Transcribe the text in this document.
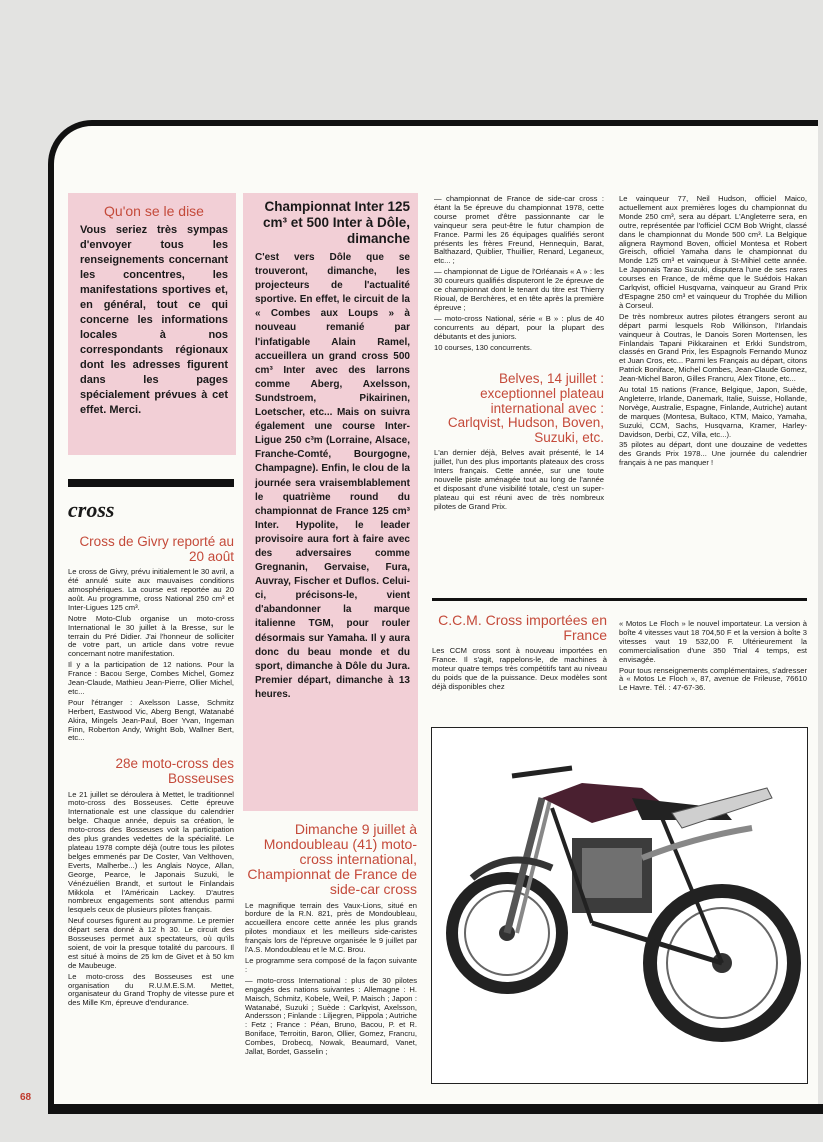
68

Qu'on se le dise

Vous seriez très sympas d'envoyer tous les renseignements concernant les concentres, les manifestations sportives et, en général, tout ce qui concerne les informations locales à nos correspondants régionaux dont les adresses figurent dans les pages spécialement prévues à cet effet. Merci.

cross
Cross de Givry reporté au 20 août

Le cross de Givry, prévu initialement le 30 avril, a été annulé suite aux mauvaises conditions atmosphériques. La course est reportée au 20 août. Au programme, cross National 250 cm³ et Inter-Ligues 125 cm³.

Notre Moto-Club organise un moto-cross International le 30 juillet à la Bresse, sur le terrain du Pré Didier. J'ai l'honneur de solliciter de votre part, un article dans votre revue concernant notre manifestation.

Il y a la participation de 12 nations. Pour la France : Bacou Serge, Combes Michel, Gomez Jean-Claude, Mathieu Jean-Pierre, Ollier Michel, etc...

Pour l'étranger : Axelsson Lasse, Schmitz Herbert, Eastwood Vic, Aberg Bengt, Watanabé Akira, Mingels Jean-Paul, Boer Yvan, Ingeman Finn, Roberton Andy, Wright Bob, Wallner Bert, etc...

28e moto-cross des Bosseuses

Le 21 juillet se déroulera à Mettet, le traditionnel moto-cross des Bosseuses. Cette épreuve Internationale est une classique du calendrier belge. Chaque année, depuis sa création, le moto-cross des Bosseuses voit la participation des plus grandes vedettes de la spécialité. Le plateau 1978 compte déjà (outre tous les pilotes belges emmenés par De Coster, Van Velthoven, Everts, Malherbe...) les Anglais Noyce, Allan, George, Pearce, le Japonais Suzuki, le Vénézuélien Brandt, et surtout le Finlandais Mikkola et l'Américain Lackey. D'autres nombreux engagements sont attendus parmi lesquels ceux de plusieurs pilotes français.

Neuf courses figurent au programme. Le premier départ sera donné à 12 h 30. Le circuit des Bosseuses permet aux spectateurs, où qu'ils soient, de voir la presque totalité du parcours. Il est situé à moins de 25 km de Givet et à 50 km de Maubeuge.

Le moto-cross des Bosseuses est une organisation du R.U.M.E.S.M. Mettet, organisateur du Grand Trophy de vitesse pure et des Mille Km, épreuve d'endurance.

Championnat Inter 125 cm³ et 500 Inter à Dôle, dimanche

C'est vers Dôle que se trouveront, dimanche, les projecteurs de l'actualité sportive. En effet, le circuit de la « Combes aux Loups » à nouveau remanié par l'infatigable Alain Ramel, accueillera un grand cross 500 cm³ Inter avec des larrons comme Aberg, Axelsson, Sundstroem, Pikairinen, Loetscher, etc... Mais on suivra également une course Inter-Ligue 250 c³m (Lorraine, Alsace, Franche-Comté, Bourgogne, Champagne). Enfin, le clou de la journée sera vraisemblablement le quatrième round du championnat de France 125 cm³ Inter. Hypolite, le leader provisoire aura fort à faire avec des adversaires comme Gregnanin, Gervaise, Fura, Auvray, Fischer et Duflos. Celui-ci, précisons-le, vient d'abandonner la marque italienne TGM, pour rouler désormais sur Yamaha. Il y aura donc du beau monde et du sport, dimanche à Dôle du Jura. Premier départ, dimanche à 13 heures.

Dimanche 9 juillet à Mondoubleau (41) moto-cross international, Championnat de France de side-car cross

Le magnifique terrain des Vaux-Lions, situé en bordure de la R.N. 821, près de Mondoubleau, accueillera encore cette année les plus grands pilotes mondiaux et les meilleurs side-caristes français lors de l'épreuve organisée le 9 juillet par l'A.S. Mondoubleau et le M.C. Brou.

Le programme sera composé de la façon suivante :

— moto-cross International : plus de 30 pilotes engagés des nations suivantes : Allemagne : H. Maisch, Schmitz, Kobele, Weil, P. Maisch ; Japon : Watanabé, Suzuki ; Suède : Carlqvist, Axelsson, Andersson ; Finlande : Liljegren, Piippola ; Autriche : Fetz ; France : Péan, Bruno, Bacou, P. et R. Boniface, Terroitin, Baron, Ollier, Gomez, Francru, Combes, Drobecq, Nowak, Beaumard, Vanet, Jallat, Bordet, Gasselin ;

— championnat de France de side-car cross : étant la 5e épreuve du championnat 1978, cette course promet d'être passionnante car le vainqueur sera peut-être le futur champion de France. Parmi les 26 équipages qualifiés seront présents les frères Freund, Hennequin, Barat, Balthazard, Quiblier, Thuillier, Renard, Leganeux, etc... ;

— championnat de Ligue de l'Orléanais « A » : les 30 coureurs qualifiés disputeront le 2e épreuve de ce championnat dont le tenant du titre est Thierry Rioual, de Berchères, et en tête après la première épreuve ;

— moto-cross National, série « B » : plus de 40 concurrents au départ, pour la plupart des débutants et des juniors.

10 courses, 130 concurrents.

Belves, 14 juillet : exceptionnel plateau international avec : Carlqvist, Hudson, Boven, Suzuki, etc.

L'an dernier déjà, Belves avait présenté, le 14 juillet, l'un des plus importants plateaux des cross Inters français. Cette année, sur une toute nouvelle piste aménagée tout au long de l'année et disposant d'une visibilité totale, c'est un super-plateau qui est réuni avec de très nombreux pilotes de Grand Prix.

Le vainqueur 77, Neil Hudson, officiel Maico, actuellement aux premières loges du championnat du Monde 250 cm³, sera au départ. L'Angleterre sera, en outre, représentée par l'officiel CCM Bob Wright, classé dans le championnat du Monde 500 cm³. La Belgique alignera Raymond Boven, officiel Montesa et Robert Greisch, officiel Yamaha dans le championnat du Monde 125 cm³ et vainqueur à St-Mihiel cette année. Le Japonais Tarao Suzuki, disputera l'une de ses rares courses en France, de même que le Suédois Hakan Carlqvist, officiel Husqvarna, vainqueur au Grand Prix d'Espagne 250 cm³ et vainqueur du Trophée du Million à Corseul.

De très nombreux autres pilotes étrangers seront au départ parmi lesquels Rob Wilkinson, l'Irlandais vainqueur à Coutras, le Danois Soren Mortensen, les Finlandais Tapani Pikkarainen et Erkki Sundstrom, classés en Grand Prix, les Espagnols Fernando Munoz et Juan Cros, etc... Parmi les Français au départ, citons Patrick Boniface, Michel Combes, Jean-Claude Gomez, Jean-Michel Baron, Gilles Francru, Alex Titone, etc...

Au total 15 nations (France, Belgique, Japon, Suède, Angleterre, Irlande, Danemark, Italie, Suisse, Hollande, Norvège, Australie, Espagne, Finlande, Autriche) autant de marques (Montesa, Bultaco, KTM, Maico, Yamaha, Suzuki, CCM, Sachs, Husqvarna, Kramer, Harley-Davidson, Derbi, CZ, Villa, etc...).

35 pilotes au départ, dont une douzaine de vedettes des Grands Prix 1978... Une journée du calendrier français à ne pas manquer !

C.C.M. Cross importées en France

Les CCM cross sont à nouveau importées en France. Il s'agit, rappelons-le, de machines à moteur quatre temps très compétitifs tant au niveau du poids que de la puissance. Deux modèles sont déjà disponibles chez

« Motos Le Floch » le nouvel importateur. La version à boîte 4 vitesses vaut 18 704,50 F et la version à boîte 3 vitesses vaut 19 532,00 F. Ultérieurement la commercialisation d'une 350 Trial 4 temps, est envisagée.

Pour tous renseignements complémentaires, s'adresser à « Motos Le Floch », 87, avenue de Frileuse, 76610 Le Havre. Tél. : 47-67-36.
